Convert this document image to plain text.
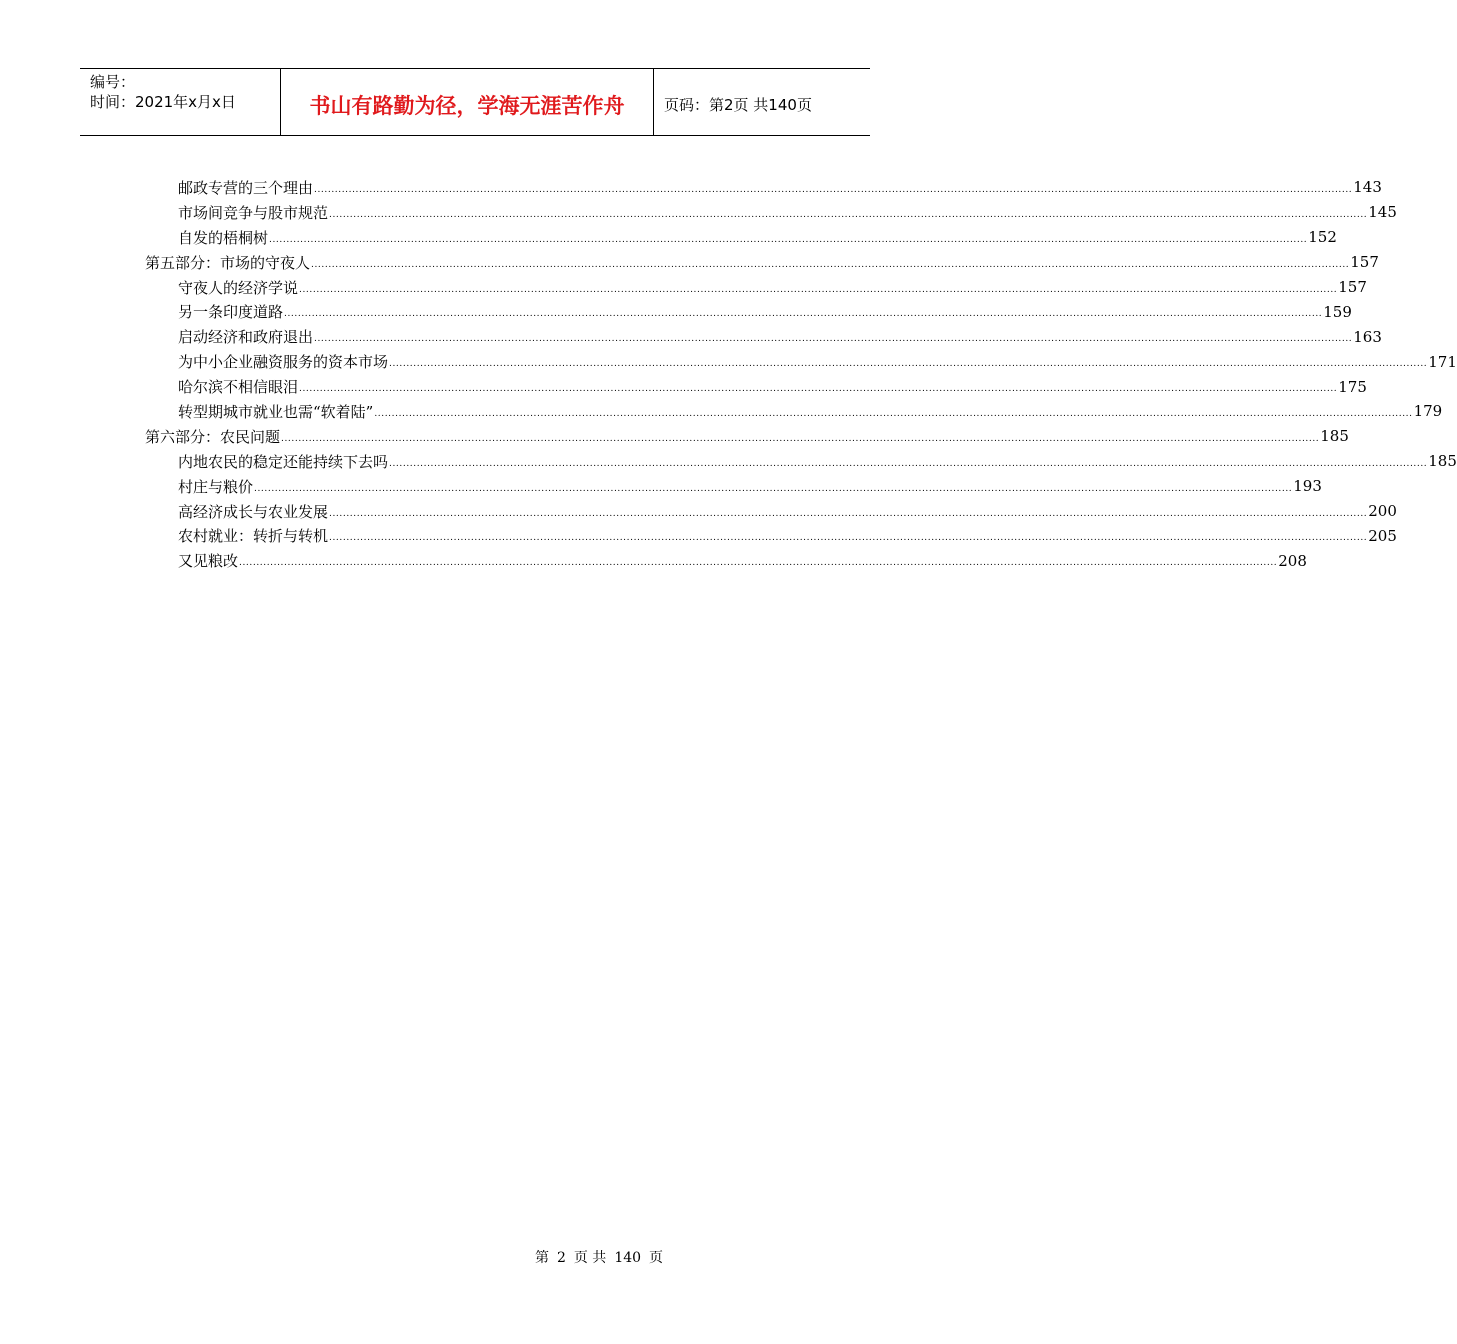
编号：
时间：2021年x月x日	书山有路勤为径，学海无涯苦作舟	页码：第2页 共140页
邮政专营的三个理由 ............................................................................................................................................................................................................................................................................................................ 143
市场间竞争与股市规范 ............................................................................................................................................................................................................................................................................................................ 145
自发的梧桐树 ............................................................................................................................................................................................................................................................................................................ 152
第五部分：市场的守夜人 ............................................................................................................................................................................................................................................................................................................ 157
守夜人的经济学说 ............................................................................................................................................................................................................................................................................................................ 157
另一条印度道路 ............................................................................................................................................................................................................................................................................................................ 159
启动经济和政府退出 ............................................................................................................................................................................................................................................................................................................ 163
为中小企业融资服务的资本市场 ............................................................................................................................................................................................................................................................................................................ 171
哈尔滨不相信眼泪 ............................................................................................................................................................................................................................................................................................................ 175
转型期城市就业也需“软着陆” ............................................................................................................................................................................................................................................................................................................ 179
第六部分：农民问题 ............................................................................................................................................................................................................................................................................................................ 185
内地农民的稳定还能持续下去吗 ............................................................................................................................................................................................................................................................................................................ 185
村庄与粮价 ............................................................................................................................................................................................................................................................................................................ 193
高经济成长与农业发展 ............................................................................................................................................................................................................................................................................................................ 200
农村就业：转折与转机 ............................................................................................................................................................................................................................................................................................................ 205
又见粮改 ............................................................................................................................................................................................................................................................................................................ 208
第 2 页 共 140 页
